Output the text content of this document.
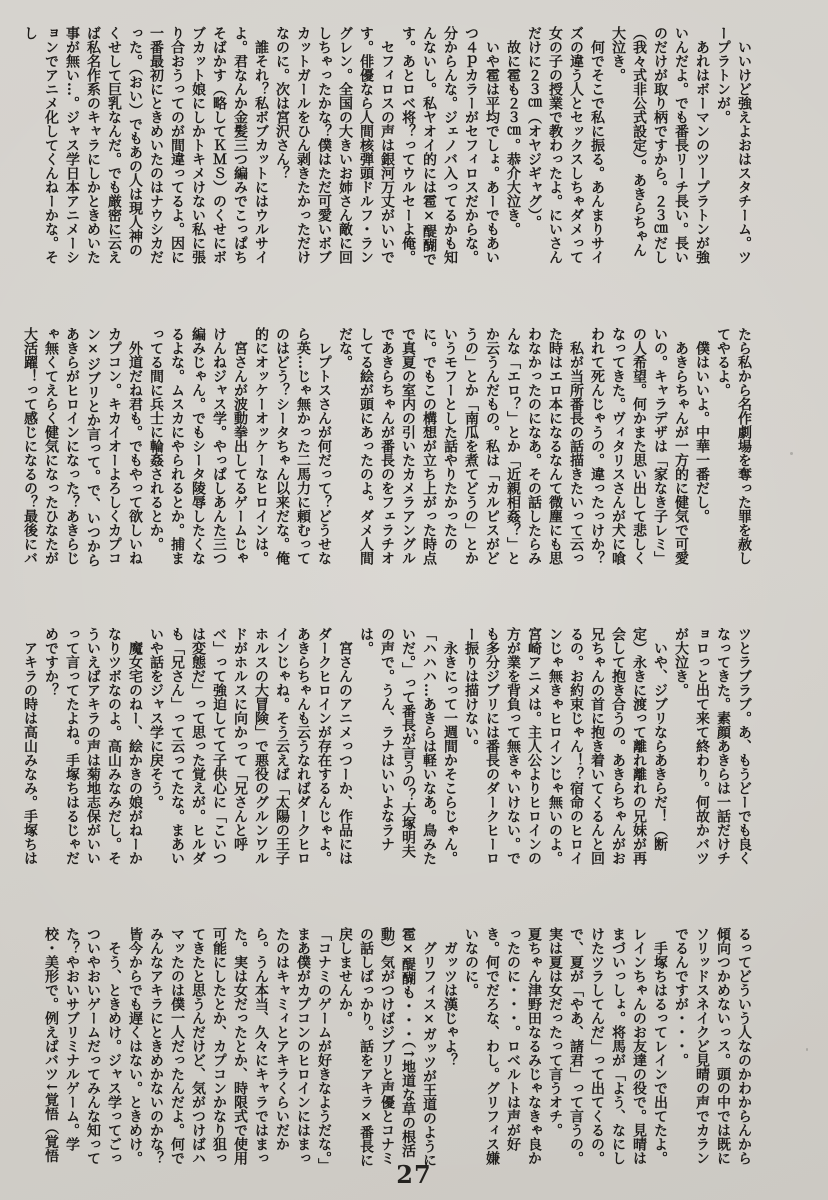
　いいけど強えよおはスタチーム。ツープラトンが。

　あれはボーマンのツープラトンが強いんだよ。でも番長リーチ長い。長いのだけが取り柄ですから。２３㎝だし（我々式非公式設定）。あきらちゃん大泣き。

　何でそこで私に振る。あんまりサイズの違う人とセックスしちゃダメって女の子の授業で教わったよ。にいさんだけに２３㎝（オヤジギャグ）。

　故に雹も２３㎝。恭介大泣き。

　いや雹は平均でしょ。あーでもあいつ４ｐカラーがセフィロスだからな。分からんな。ジェノバ入ってるかも知んないし。私ヤオイ的には雹×醍醐です。あとロベ将？ってウルセーよ俺。

　セフィロスの声は銀河万丈がいいです。俳優なら人間核弾頭ドルフ・ラングレン。全国の大きいお姉さん敵に回しちゃったかな？僕はただ可愛いボブカットガールをひん剥きたかっただけなのに。次は宮沢さん？

　誰それ？私ボブカットにはウルサイよ。君なんか金髪三つ編みでこっぱちそばかす（略してＫＭＳ）のくせにボブカット娘にしかトキメけない私に張り合おうってのが間違ってるよ。因に一番最初にときめいたのはナウシカだった。（おい）でもあの人は現人神のくせして巨乳なんだ。でも厳密に云えば私名作系のキャラにしかときめいた事が無い…。ジャス学日本アニメーションでアニメ化してくんねーかな。そし

たら私から名作劇場を奪った罪を赦してやるよ。

　僕はいいよ。中華一番だし。

　あきらちゃんが一方的に健気で可愛いの。キャラデザは「家なき子レミ」の人希望。何かまた思い出して悲しくなってきた。ヴィタリスさんが犬に喰われて死んじゃうの。違ったっけか？

　私が当所番長の話描きたいって云った時はエロ本になるなんて微塵にも思わなかったのになあ。その話したらみんな「エロ？」とか「近親相姦？」とか云うんだもの。私は「カルピスがどうの」とか「南瓜を煮てどうの」とかいうモフーとした話やりたかったのに。でもこの構想が立ち上がった時点で真夏の室内の引いたカメラアングルであきらちゃんが番長のをフェラチオしてる絵が頭にあったのよ。ダメ人間だな。

　レプトスさんが何だって？どうせなら英…じゃ無かった二馬力に頼むってのはどう？シータちゃん以来だな。俺的にオッケーオッケーなヒロインは。

　宮さんが波動拳出してるゲームじゃけんねジャス学。やっぱしあんた三つ編みじゃん。でもシータ陵辱したくなるよな。ムスカにやられるとか。捕まってる間に兵士に輪姦されるとか。

　外道だね君も。でもやって欲しいねカプコン。キカイオーよろしくカプコン×ジブリとか言って。で、いつからあきらがヒロインになった？あきらじゃ無くてえらく健気になったひなたが大活躍！って感じになるの？最後にバ

ツとラブラブ。あ、もうどーでも良くなってきた。素顔あきらは一話だけチョロっと出て来て終わり。何故かバツが大泣き。

　いや、ジブリならあきらだ！（断定）永きに渡って離れ離れの兄妹が再会して抱き合うの。あきらちゃんがお兄ちゃんの首に抱き着いてくるんと回るの。お約束じゃん！？宿命のヒロインじゃ無きゃヒロインじゃ無いのよ。宮崎アニメは。主人公よりヒロインの方が業を背負って無きゃいけない。でも多分ジブリには番長のダークヒーロー振りは描けない。

　永きにって一週間かそこらじゃん。「ハハハ…あきらは軽いなあ。鳥みたいだ。」って番長が言うの？大塚明夫の声で。うん、ラナはいいよなラナは。

　宮さんのアニメっつーか、作品にはダークヒロインが存在するんじゃよ。あきらちゃんも云うなればダークヒロインじゃね。そう云えば「太陽の王子ホルスの大冒険」で悪役のグルンワルドがホルスに向かって「兄さんと呼べ」って強迫してて子供心に「こいつは変態だ」って思った覚えが。ヒルダも「兄さん」って云ってたな。まあいいや話をジャス学に戻そう。

　魔女宅のねー、絵かきの娘がねーかなりツボなのよ。高山みなみだし。そういえばアキラの声は菊地志保がいいって言ってたよね。手塚ちはるじゃだめですか？

　アキラの時は高山みなみ。手塚ちは

るってどういう人なのかわからんから傾向つかめないっス。頭の中では既にソリッドスネイクど見晴の声でカランでるんですが・・・。

　手塚ちはるってレインで出てたよ。レインちゃんのお友達の役で。見晴はまづいっしょ。将馬が「よう、なにしけたツラしてんだ」って出てくるの。で、夏が「やあ、諸君」って言うの。実は夏は女だったって言うオチ。

夏ちゃん津野田なるみじゃなきゃ良かったのに・・・。ロベルトは声が好き。何でだろな、わし。グリフィス嫌いなのに。

　ガッツは漢じゃよ？

　グリフィス×ガッツが王道のように雹×醍醐も・・・（↑地道な草の根活動）気がつけばジブリと声優とコナミの話しばっかり。話をアキラ×番長に戻しませんか。

「コナミのゲームが好きなようだな。」まあ僕がカプコンのヒロインにはまったのはキャミィとアキラくらいだから。うん本当、久々にキャラではまった。実は女だったとか、時限式で使用可能にしたとか、カプコンかなり狙ってきたと思うんだけど、気がつけばハマッたのは僕一人だったんだよ。何でみんなアキラにときめかないのかな？皆今からでも遅くはない。ときめけ。

　そう、ときめけ。ジャス学ってごっついやおいゲームだってみんな知ってた？やおいサブリミナルゲーム。学校・美形で。例えばバツ↓覚悟（覚悟

27
